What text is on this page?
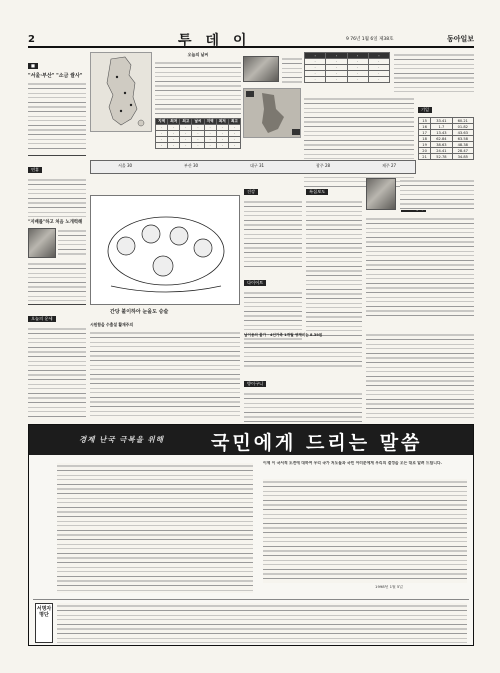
2	투데이	9 76년 1월 6일 제38호	동아일보
■
"서울·부산" "소금 쌀사"
연휴
"지배를"하고 처음 노개력해
오늘의 운세
오늘의 날씨
지역	최저	최고	날씨	지역	최저	최고
·	·	·	·	·	·	·
·	·	·	·	·	·	·
·	·	·	·	·	·	·
·	·	·	·	·	·	·
·	·	·	·
·	·	·	·
·	·	·	·
·	·	·	·
·	·	·	·
기일
15	33.41	60.21
16	1.7	01.82
17	13.43	43.63
18	62.84	63.58
19	38.63	48.38
20	24.41	28.47
21	52.78	34.85
서울 30	부산 30	대구 31	광주 28	제주 27
간당 불이하아 눈을도 승술
건강
다이어트
특집보도

시원함을 수출설 활재주의
날이용의 물가 · 4인가족 1개월 생계비는 8.39원
방이구니
경제 난국 극복을 위해 국민에게 드리는 말씀
이제 이 국서적 도전에 대하여 우리 국가 저도들과 국민 어러분에게 우리의 결정을 오는 대로 알려 드립니다.
1998년 1월 5일
서명자 명단
